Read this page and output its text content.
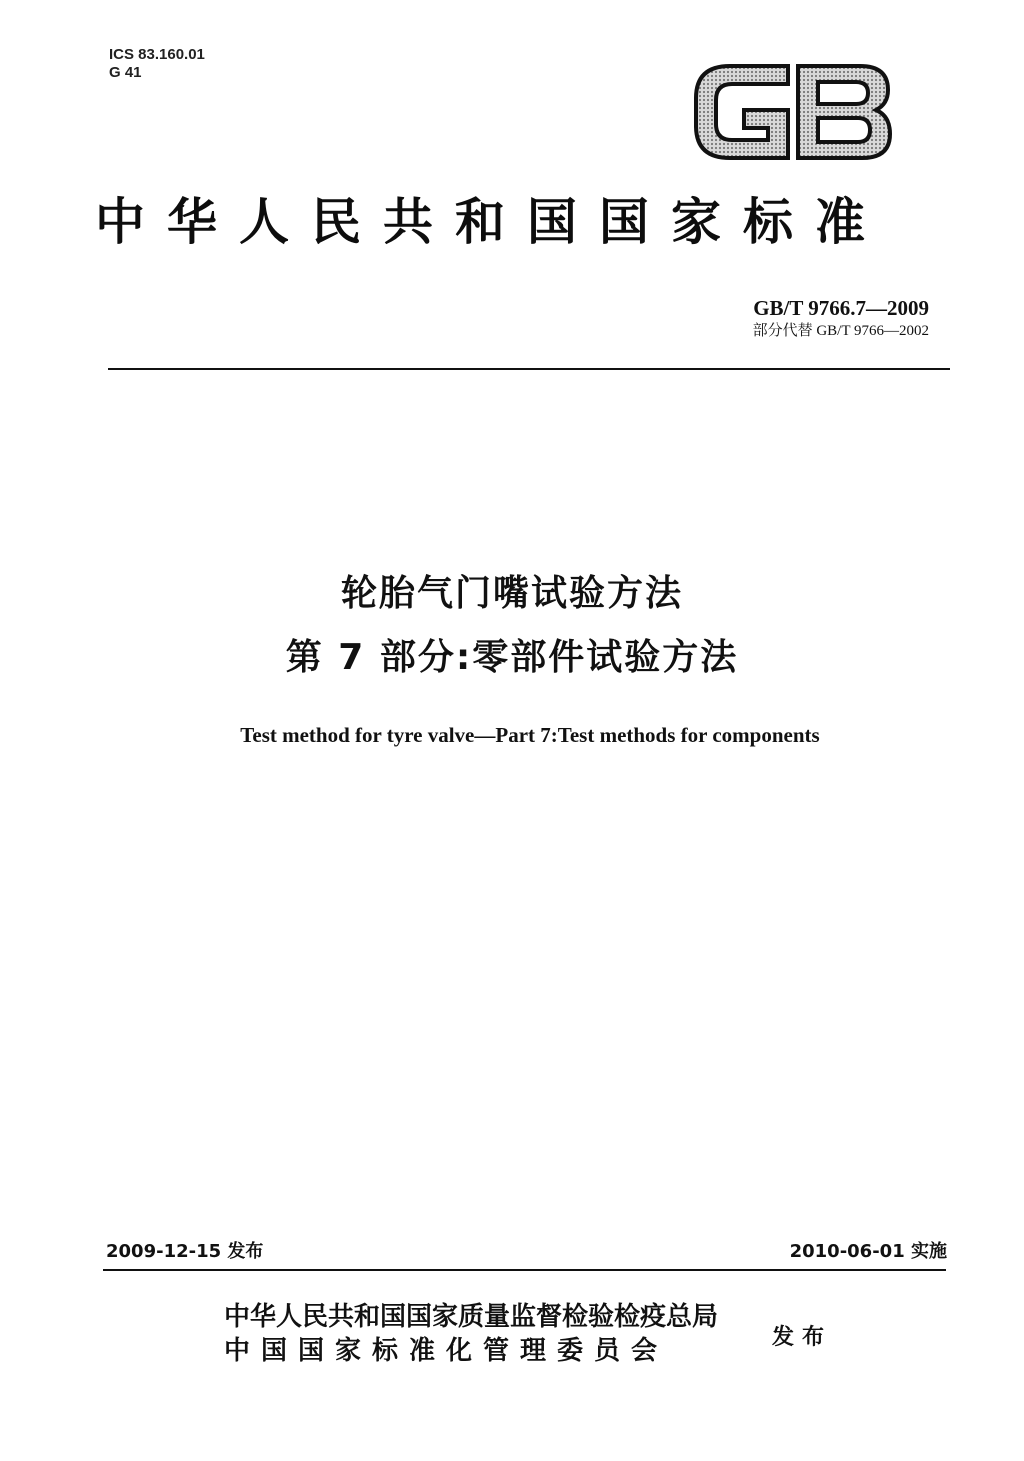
ICS 83.160.01
G 41
中华人民共和国国家标准
GB/T 9766.7—2009
部分代替 GB/T 9766—2002
轮胎气门嘴试验方法
第 7 部分:零部件试验方法
Test method for tyre valve—Part 7:Test methods for components
2009-12-15 发布	2010-06-01 实施
中华人民共和国国家质量监督检验检疫总局
中国国家标准化管理委员会	发布
